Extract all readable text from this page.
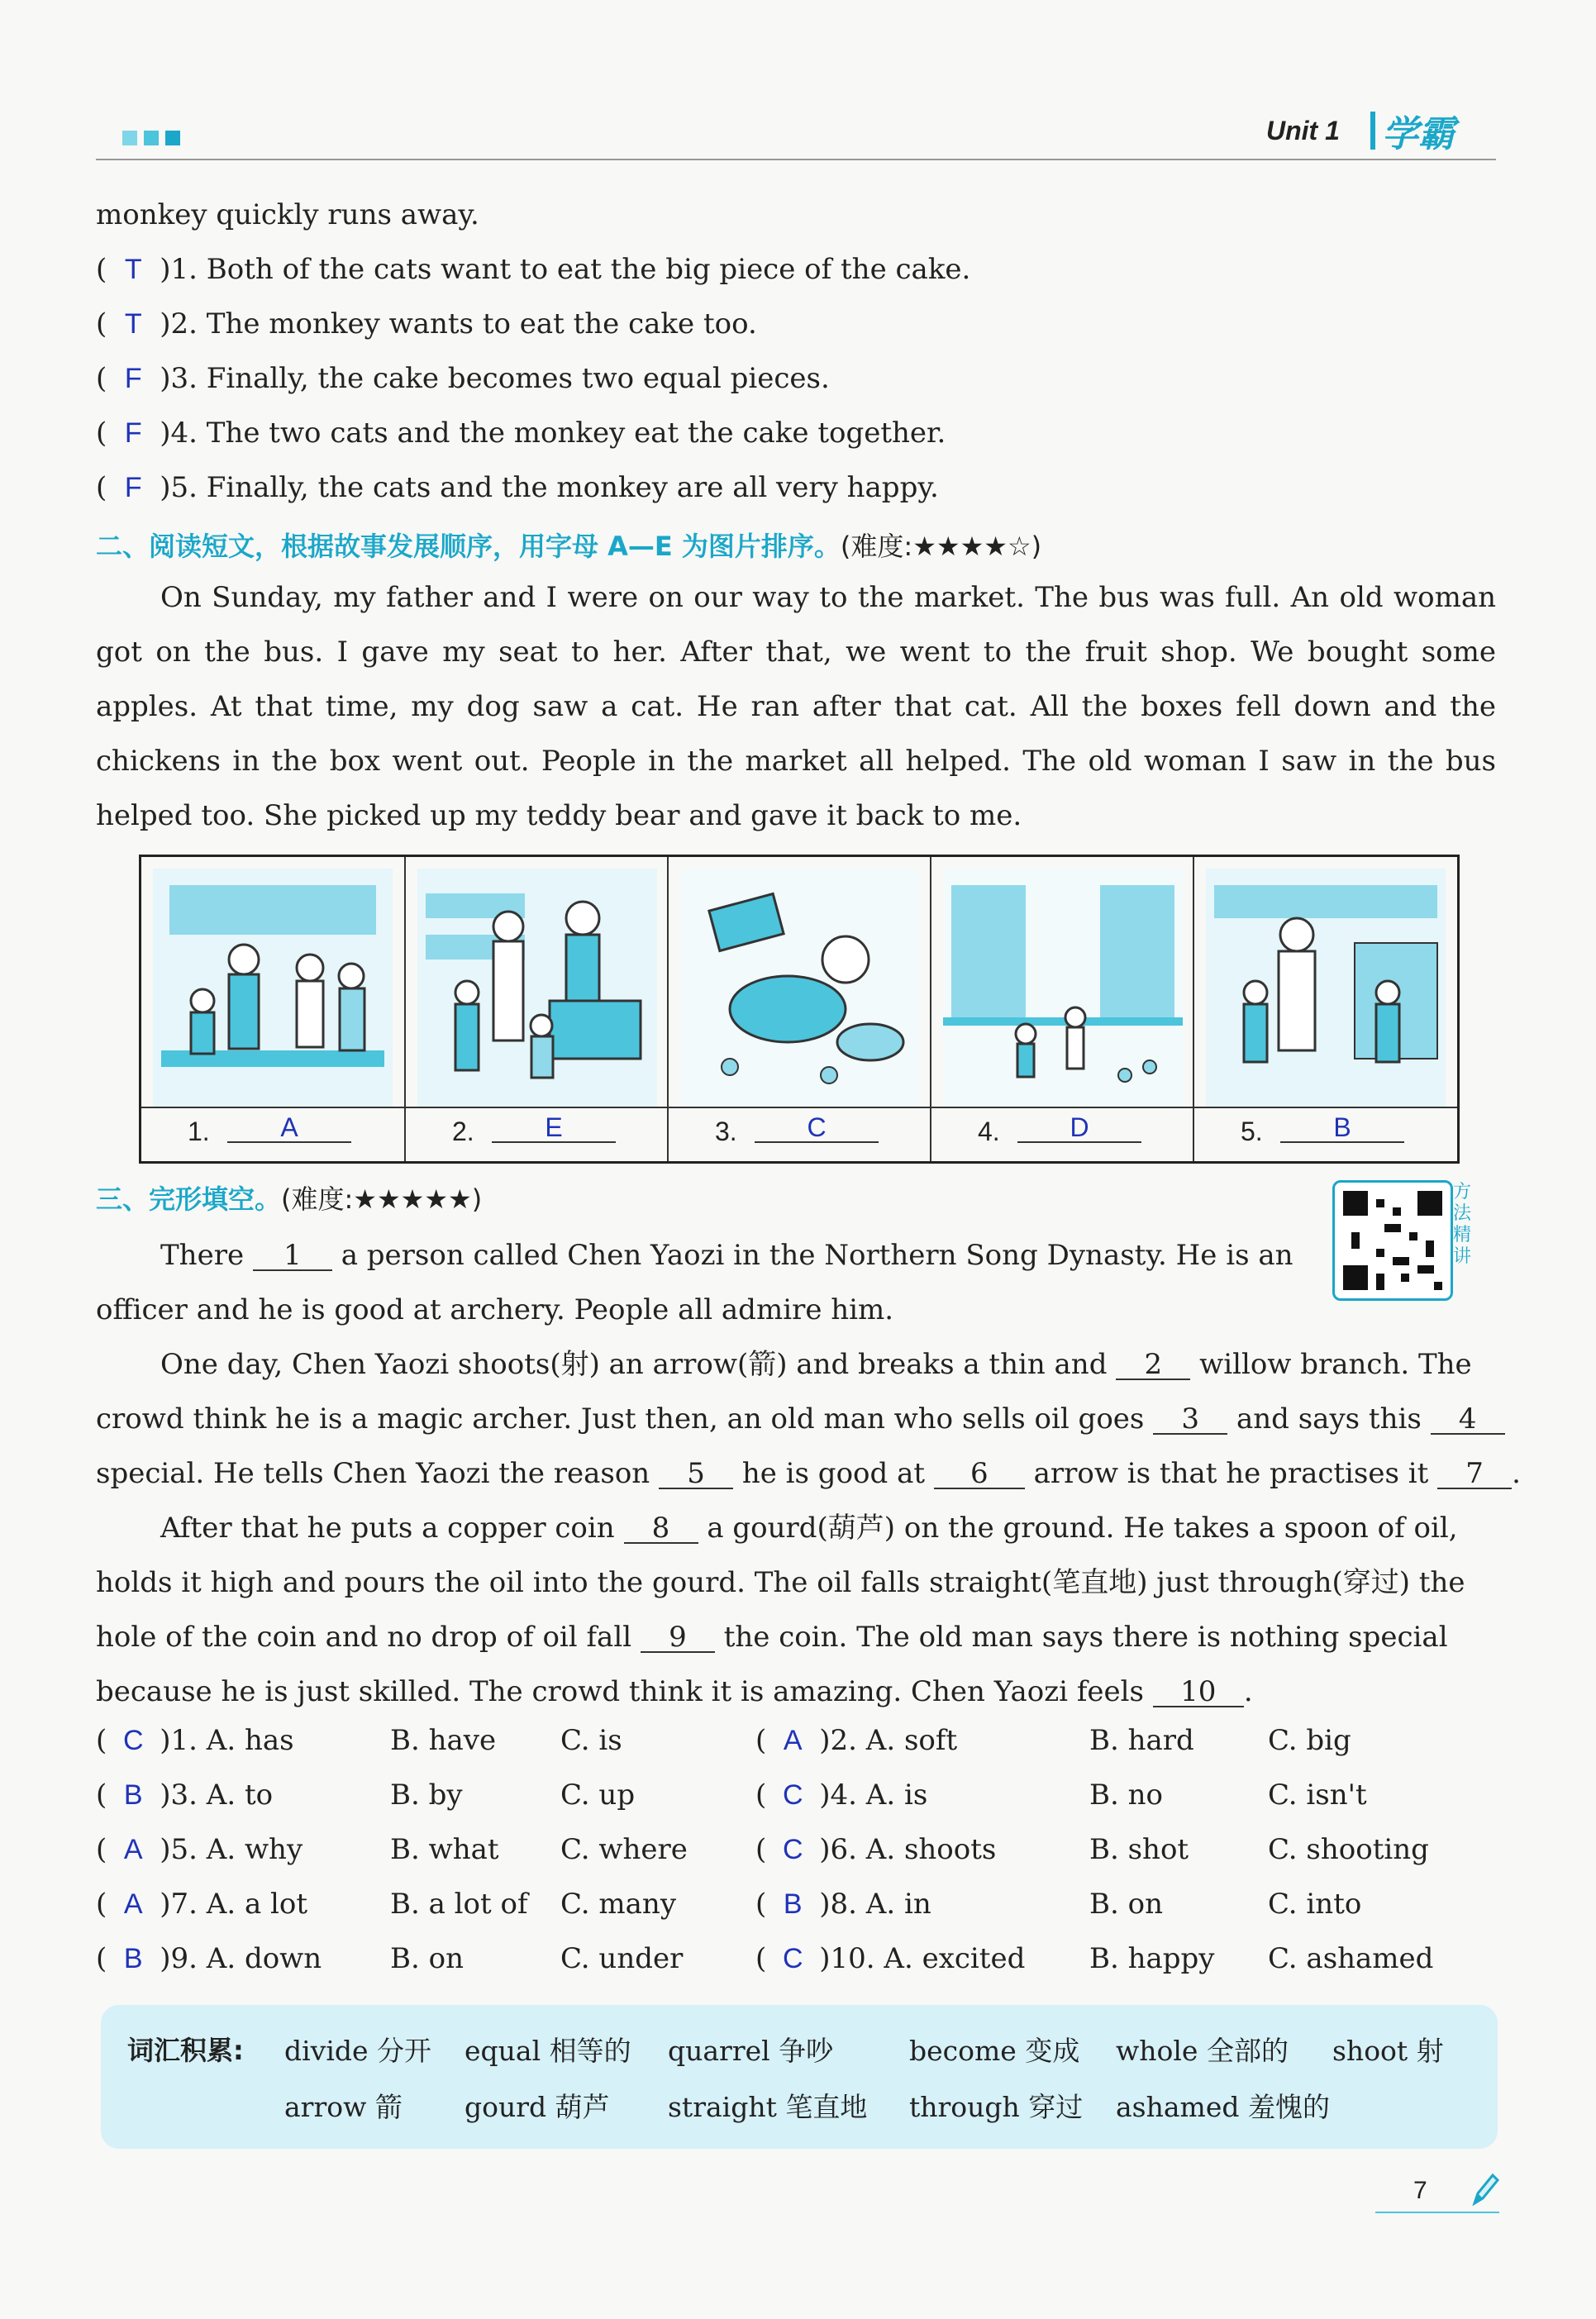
Unit 1	学霸
monkey quickly runs away.
( T )1. Both of the cats want to eat the big piece of the cake.
( T )2. The monkey wants to eat the cake too.
( F )3. Finally, the cake becomes two equal pieces.
( F )4. The two cats and the monkey eat the cake together.
( F )5. Finally, the cats and the monkey are all very happy.
二、阅读短文，根据故事发展顺序，用字母 A—E 为图片排序。(难度:★★★★☆)
On Sunday, my father and I were on our way to the market. The bus was full. An old woman
got on the bus. I gave my seat to her. After that, we went to the fruit shop. We bought some
apples. At that time, my dog saw a cat. He ran after that cat. All the boxes fell down and the
chickens in the box went out. People in the market all helped. The old woman I saw in the bus
helped too. She picked up my teddy bear and gave it back to me.
1.	A	2.	E	3.	C	4.	D	5.	B
三、完形填空。(难度:★★★★★)	方法精讲
There 1 a person called Chen Yaozi in the Northern Song Dynasty. He is an
officer and he is good at archery. People all admire him.
One day, Chen Yaozi shoots(射) an arrow(箭) and breaks a thin and 2 willow branch. The
crowd think he is a magic archer. Just then, an old man who sells oil goes 3 and says this 4
special. He tells Chen Yaozi the reason 5 he is good at 6 arrow is that he practises it 7 .
After that he puts a copper coin 8 a gourd(葫芦) on the ground. He takes a spoon of oil,
holds it high and pours the oil into the gourd. The oil falls straight(笔直地) just through(穿过) the
hole of the coin and no drop of oil fall 9 the coin. The old man says there is nothing special
because he is just skilled. The crowd think it is amazing. Chen Yaozi feels 10 .
( C )1. A. has	B. have C. is	( A )2. A. soft	B. hard	C. big
( B )3. A. to	B. by	C. up	( C )4. A. is	B. no	C. isn't
( A )5. A. why	B. what C. where ( C )6. A. shoots	B. shot	C. shooting
( A )7. A. a lot	B. a lot of C. many	( B )8. A. in	B. on	C. into
( B )9. A. down B. on	C. under	( C )10. A. excited B. happy C. ashamed
词汇积累: divide 分开 equal 相等的 quarrel 争吵	become 变成 whole 全部的 shoot 射
arrow 箭 gourd 葫芦 straight 笔直地 through 穿过 ashamed 羞愧的
7
